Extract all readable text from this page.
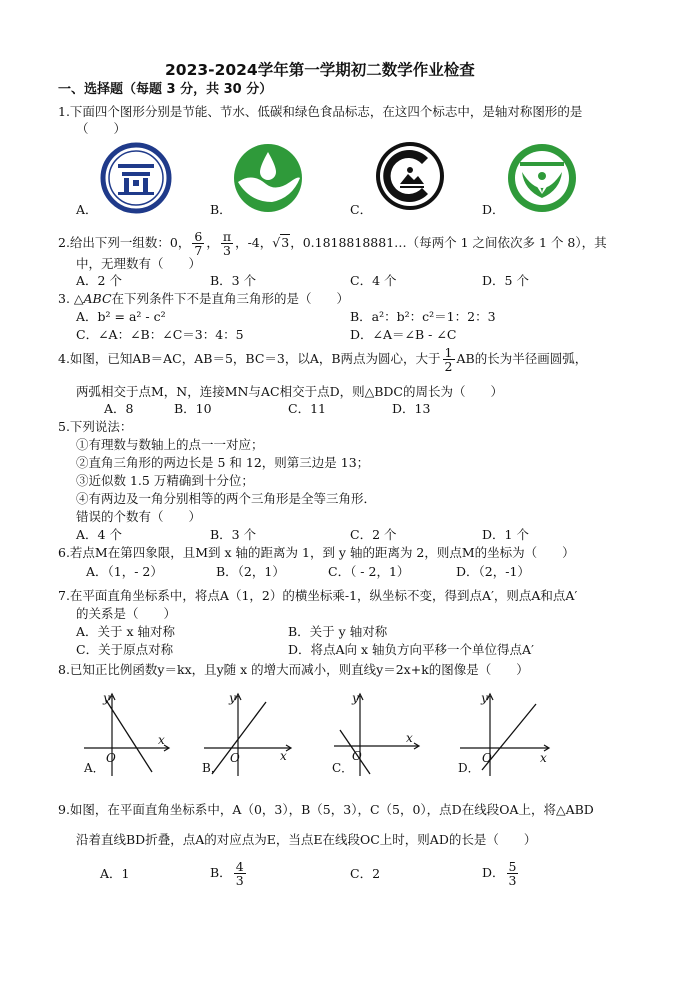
2023-2024学年第一学期初二数学作业检查
一、选择题（每题 3 分，共 30 分）
1.下面四个图形分别是节能、节水、低碳和绿色食品标志，在这四个标志中，是轴对称图形的是
（　　）
A．	B．	C．	D．
2.给出下列一组数：0， $\frac{6}{7}$ ， $\frac{\pi}{3}$ ，-4，√3，0.1818818881…（每两个 1 之间依次多 1 个 8），其
中，无理数有（　　）
A．2 个	B．3 个	C．4 个	D．5 个
3. △ABC在下列条件下不是直角三角形的是（　　）
A．b² = a² - c²	B．a²：b²：c²＝1：2：3
C．∠A：∠B：∠C＝3：4：5	D．∠A＝∠B - ∠C
4.如图，已知AB＝AC，AB＝5，BC＝3，以A，B两点为圆心，大于 $\frac{1}{2}$ AB的长为半径画圆弧，
两弧相交于点M，N，连接MN与AC相交于点D，则△BDC的周长为（　　）
A．8	B．10	C．11	D．13
5.下列说法：
①有理数与数轴上的点一一对应；
②直角三角形的两边长是 5 和 12，则第三边是 13；
③近似数 1.5 万精确到十分位；
④有两边及一角分别相等的两个三角形是全等三角形．
错误的个数有（　　）
A．4 个	B．3 个	C．2 个	D．1 个
6.若点M在第四象限，且M到 x 轴的距离为 1，到 y 轴的距离为 2，则点M的坐标为（　　）
A．（1，- 2）	B．（2，1）	C．（ - 2，1）	D．（2，-1）
7.在平面直角坐标系中，将点A（1，2）的横坐标乘-1，纵坐标不变，得到点A′，则点A和点A′
的关系是（　　）
A．关于 x 轴对称	B．关于 y 轴对称
C．关于原点对称	D．将点A向 x 轴负方向平移一个单位得点A′
8.已知正比例函数y＝kx，且y随 x 的增大而减小，则直线y＝2x+k的图像是（　　）
y
x
O
A．
y
x
O
B．
y
x
O
C．
y
x
O
D．
9.如图，在平面直角坐标系中，A（0，3），B（5，3），C（5，0），点D在线段OA上，将△ABD
沿着直线BD折叠，点A的对应点为E，当点E在线段OC上时，则AD的长是（　　）
A．1	B． $\frac{4}{3}$	C．2	D． $\frac{5}{3}$
